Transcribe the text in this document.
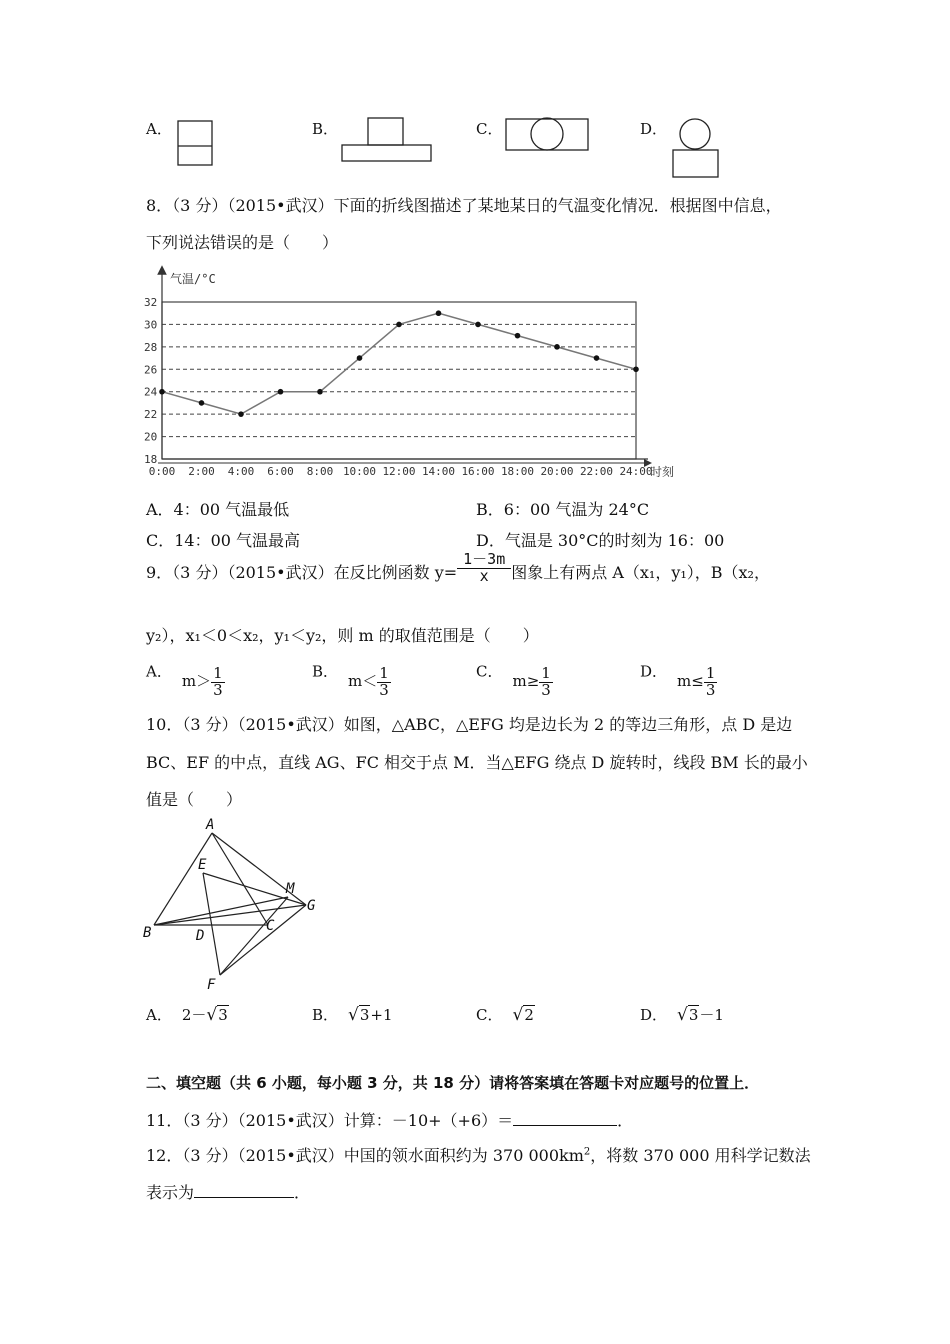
A．	B．	C．	D．
8．（3 分）（2015•武汉）下面的折线图描述了某地某日的气温变化情况．根据图中信息，
下列说法错误的是（　　）
18
20
22
24
26
28
30
32
0:00 2:00 4:00 6:00 8:00 10:00 12:00 14:00 16:00 18:00 20:00 22:00 24:00
气温/°C
时刻
A．4：00 气温最低	B．6：00 气温为 24°C
C．14：00 气温最高	D．气温是 30°C的时刻为 16：00
9．（3 分）（2015•武汉）在反比例函数 $y= \frac{1-3m}{x}$ 图象上有两点 A（x₁，y₁），B（x₂，
y₂），x₁＜0＜x₂，y₁＜y₂，则 m 的取值范围是（　　）
A．$m> \frac{1}{3}$	B．$m< \frac{1}{3}$	C．$m\ge \frac{1}{3}$	D．$m\le \frac{1}{3}$
10．（3 分）（2015•武汉）如图，△ABC，△EFG 均是边长为 2 的等边三角形，点 D 是边
BC、EF 的中点，直线 AG、FC 相交于点 M．当△EFG 绕点 D 旋转时，线段 BM 长的最小
值是（　　）
A
E
M
G
B	D
C
F
A． 2－√3	B． √3+1	C． √2	D． √3－1
二、填空题（共 6 小题，每小题 3 分，共 18 分）请将答案填在答题卡对应题号的位置上．
11．（3 分）（2015•武汉）计算：－10+（+6）＝	．
12．（3 分）（2015•武汉）中国的领水面积约为 370 $000km^2$，将数 370 000 用科学记数法
表示为	．
